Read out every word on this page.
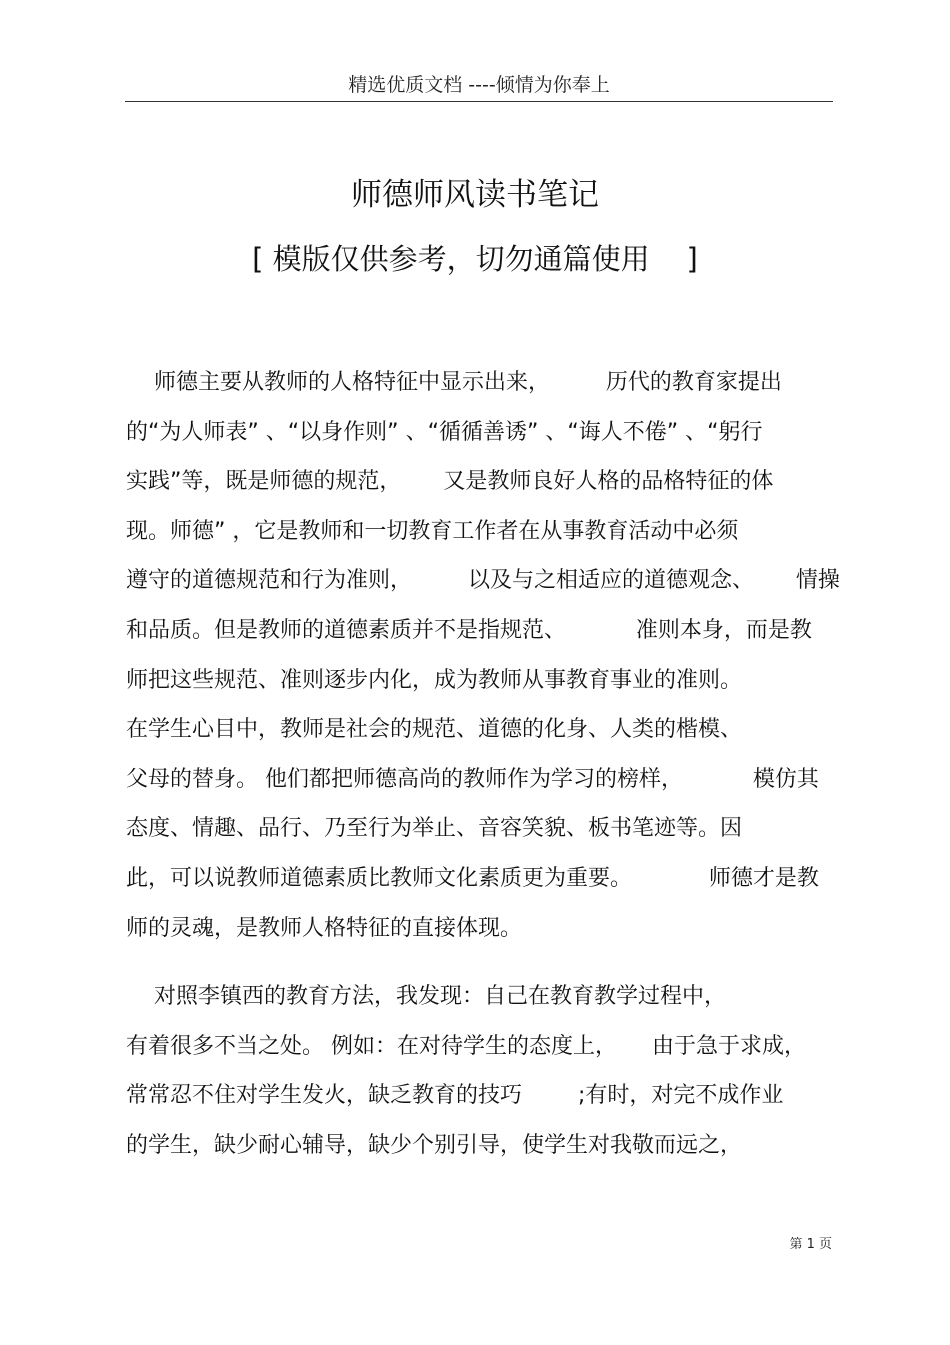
精选优质文档 ----倾情为你奉上
师德师风读书笔记
[ 模版仅供参考，切勿通篇使用    ]
师德主要从教师的人格特征中显示出来，        历代的教育家提出
的“为人师表” 、“以身作则” 、“循循善诱” 、“诲人不倦” 、“躬行
实践”等，既是师德的规范，      又是教师良好人格的品格特征的体
现。师德” ，它是教师和一切教育工作者在从事教育活动中必须
遵守的道德规范和行为准则，        以及与之相适应的道德观念、      情操
和品质。但是教师的道德素质并不是指规范、          准则本身，而是教
师把这些规范、准则逐步内化，成为教师从事教育事业的准则。
在学生心目中，教师是社会的规范、道德的化身、人类的楷模、
父母的替身。 他们都把师德高尚的教师作为学习的榜样，          模仿其
态度、情趣、品行、乃至行为举止、音容笑貌、板书笔迹等。因
此，可以说教师道德素质比教师文化素质更为重要。           师德才是教
师的灵魂，是教师人格特征的直接体现。
对照李镇西的教育方法，我发现：自己在教育教学过程中，
有着很多不当之处。 例如：在对待学生的态度上，     由于急于求成，
常常忍不住对学生发火，缺乏教育的技巧        ;有时，对完不成作业
的学生，缺少耐心辅导，缺少个别引导，使学生对我敬而远之，
第 1 页
